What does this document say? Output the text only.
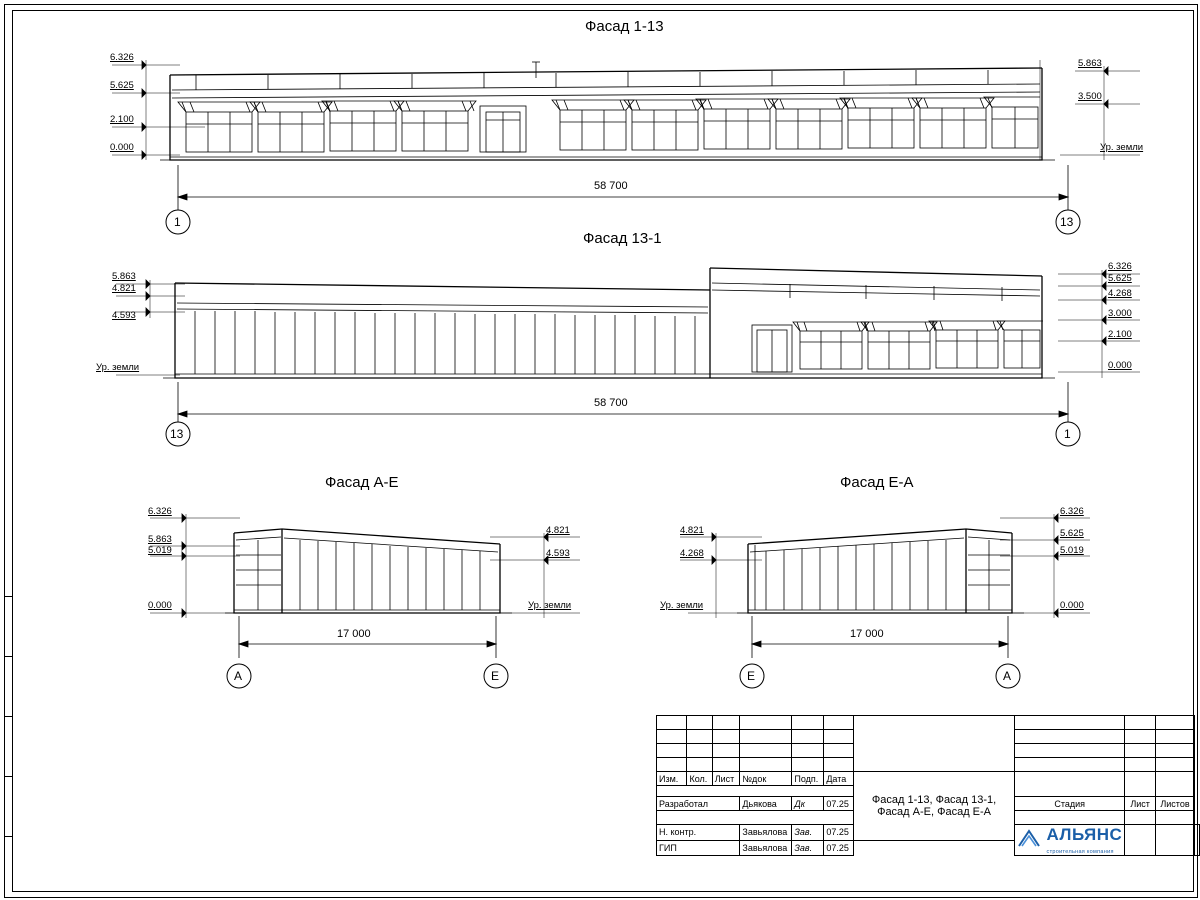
Фасад 1-13
6.326
5.625
2.100
0.000
5.863
3.500
Ур. земли
58 700
1	13
Фасад 13-1
5.863
4.821
4.593
Ур. земли
6.326
5.625
4.268
3.000
2.100
0.000
58 700
13	1
Фасад А-Е
6.326
5.863
5.019
0.000
4.821
4.593
Ур. земли
17 000
А	Е
Фасад Е-А
4.821
4.268
Ур. земли
6.326
5.625
5.019
0.000
17 000
Е	А

Изм.	Кол.	Лист	№док	Подп.	Дата	Фасад 1-13, Фасад 13-1,
Фасад А-Е, Фасад Е-А				

Разработал			Дьякова	Дк	07.25		Стадия	Лист	Листов	

Н. контр.			Завьялова	Зав.	07.25		АЛЬЯНС
строительная компания			
ГИП			Завьялова	Зав.	07.25					
